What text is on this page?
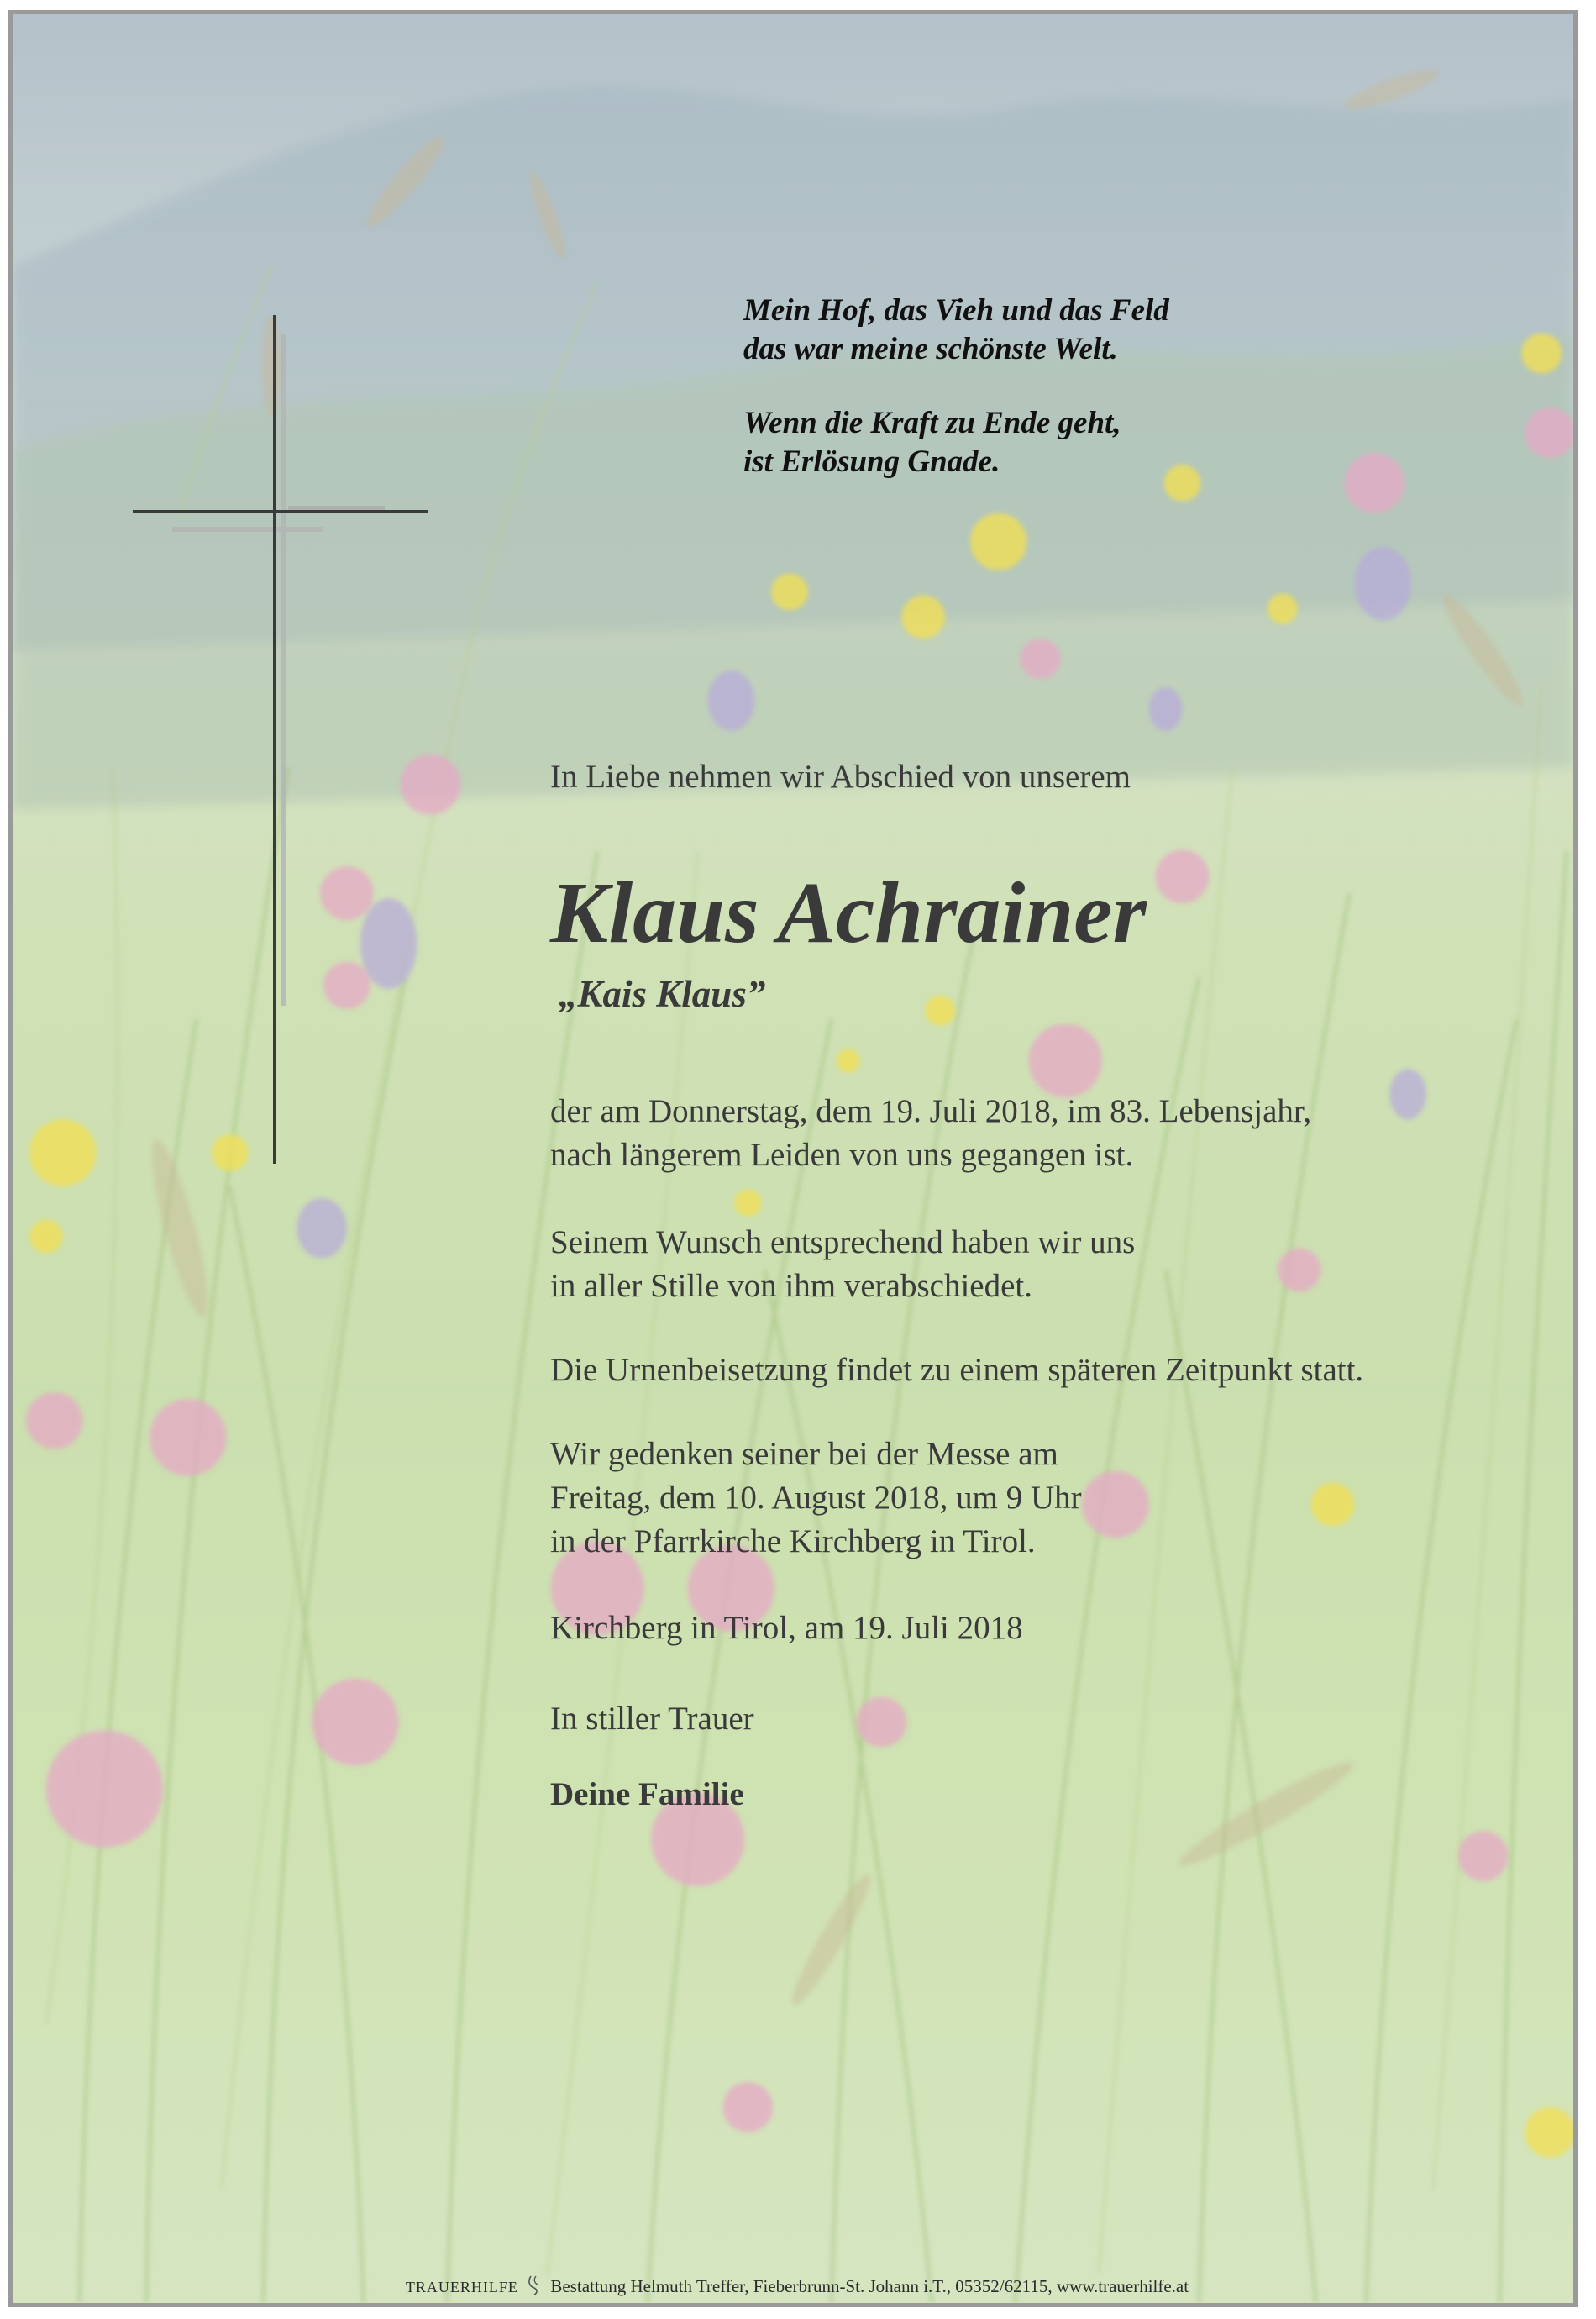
Mein Hof, das Vieh und das Feld
das war meine schönste Welt.
Wenn die Kraft zu Ende geht,
ist Erlösung Gnade.
In Liebe nehmen wir Abschied von unserem
Klaus Achrainer
„Kais Klaus”
der am Donnerstag, dem 19. Juli 2018, im 83. Lebensjahr,
nach längerem Leiden von uns gegangen ist.
Seinem Wunsch entsprechend haben wir uns
in aller Stille von ihm verabschiedet.
Die Urnenbeisetzung findet zu einem späteren Zeitpunkt statt.
Wir gedenken seiner bei der Messe am
Freitag, dem 10. August 2018, um 9 Uhr
in der Pfarrkirche Kirchberg in Tirol.
Kirchberg in Tirol, am 19. Juli 2018
In stiller Trauer
Deine Familie
TRAUERHILFE Bestattung Helmuth Treffer, Fieberbrunn-St. Johann i.T., 05352/62115, www.trauerhilfe.at
